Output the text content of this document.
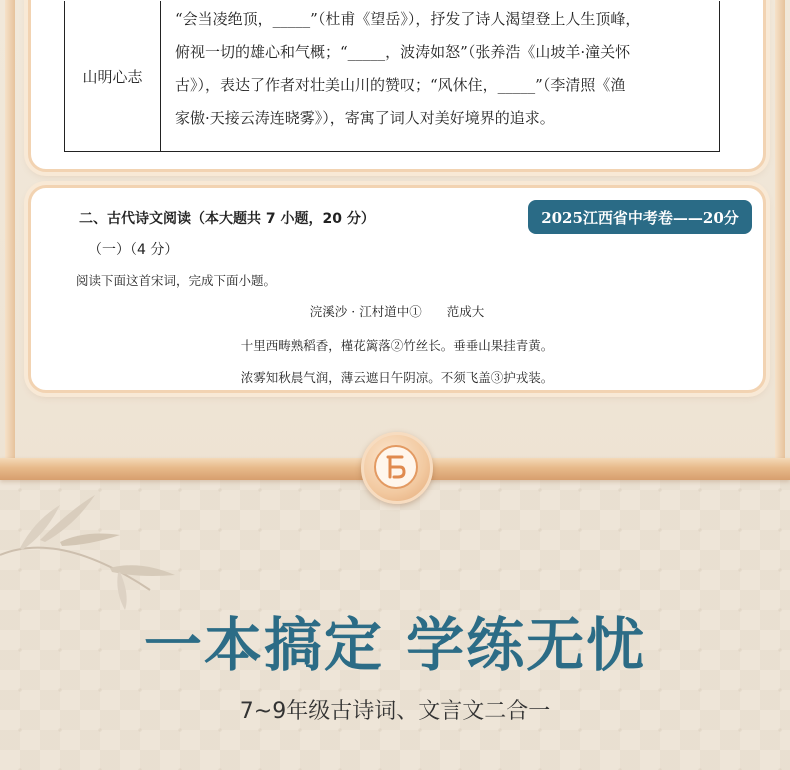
山明心志
“会当凌绝顶，_____”（杜甫《望岳》），抒发了诗人渴望登上人生顶峰，
俯视一切的雄心和气概；“_____，波涛如怒”（张养浩《山坡羊·潼关怀
古》），表达了作者对壮美山川的赞叹；“风休住，_____”（李清照《渔
家傲·天接云涛连晓雾》），寄寓了词人对美好境界的追求。
二、古代诗文阅读（本大题共 7 小题，20 分）	2025江西省中考卷——20分
（一）（4 分）
阅读下面这首宋词，完成下面小题。
浣溪沙 · 江村道中①　　范成大
十里西畴熟稻香，槿花篱落②竹丝长。垂垂山果挂青黄。
浓雾知秋晨气润，薄云遮日午阴凉。不须飞盖③护戎装。
一本搞定 学练无忧
7~9年级古诗词、文言文二合一
